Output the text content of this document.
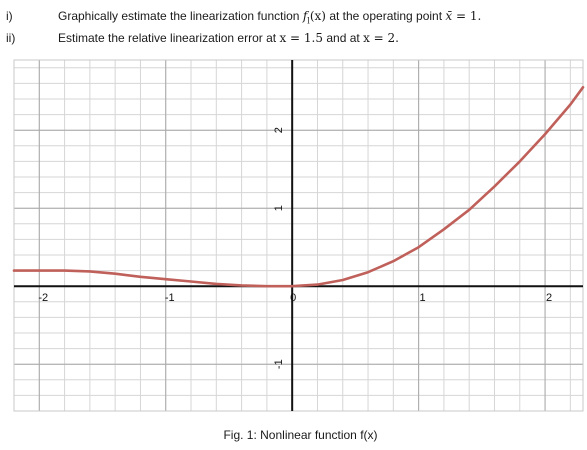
i)	Graphically estimate the linearization function $f_l(x)$ at the operating point x̄ = 1.
ii)	Estimate the relative linearization error at x = 1.5 and at x = 2.
-2	-1	0	1	2
2
1
-1
Fig. 1: Nonlinear function f(x)
